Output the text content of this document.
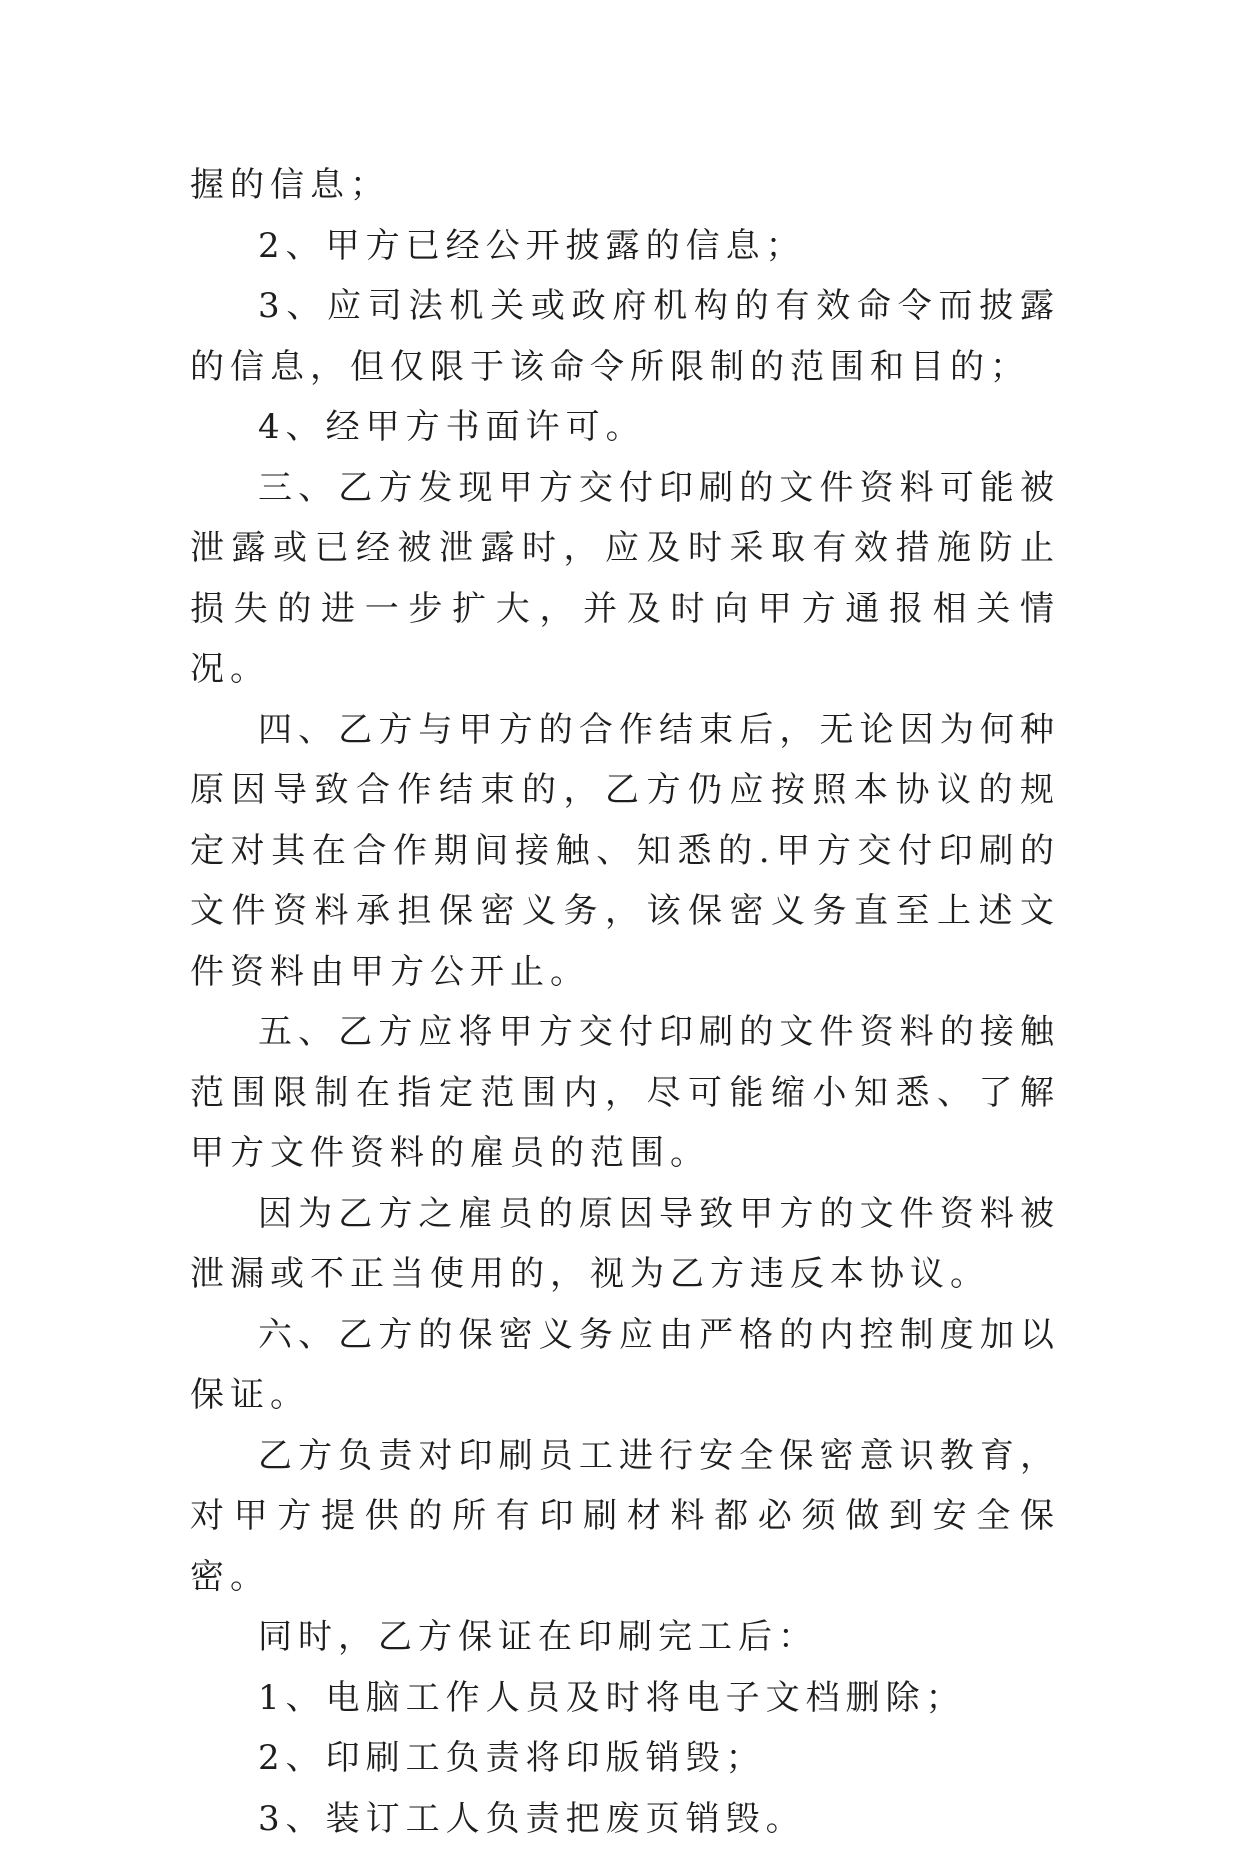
握的信息；

2、甲方已经公开披露的信息；

3、应司法机关或政府机构的有效命令而披露的信息，但仅限于该命令所限制的范围和目的；

4、经甲方书面许可。

三、乙方发现甲方交付印刷的文件资料可能被泄露或已经被泄露时，应及时采取有效措施防止损失的进一步扩大，并及时向甲方通报相关情况。

四、乙方与甲方的合作结束后，无论因为何种原因导致合作结束的，乙方仍应按照本协议的规定对其在合作期间接触、知悉的.甲方交付印刷的文件资料承担保密义务，该保密义务直至上述文件资料由甲方公开止。

五、乙方应将甲方交付印刷的文件资料的接触范围限制在指定范围内，尽可能缩小知悉、了解甲方文件资料的雇员的范围。

因为乙方之雇员的原因导致甲方的文件资料被泄漏或不正当使用的，视为乙方违反本协议。

六、乙方的保密义务应由严格的内控制度加以保证。

乙方负责对印刷员工进行安全保密意识教育，对甲方提供的所有印刷材料都必须做到安全保密。

同时，乙方保证在印刷完工后：

1、电脑工作人员及时将电子文档删除；

2、印刷工负责将印版销毁；

3、装订工人负责把废页销毁。
